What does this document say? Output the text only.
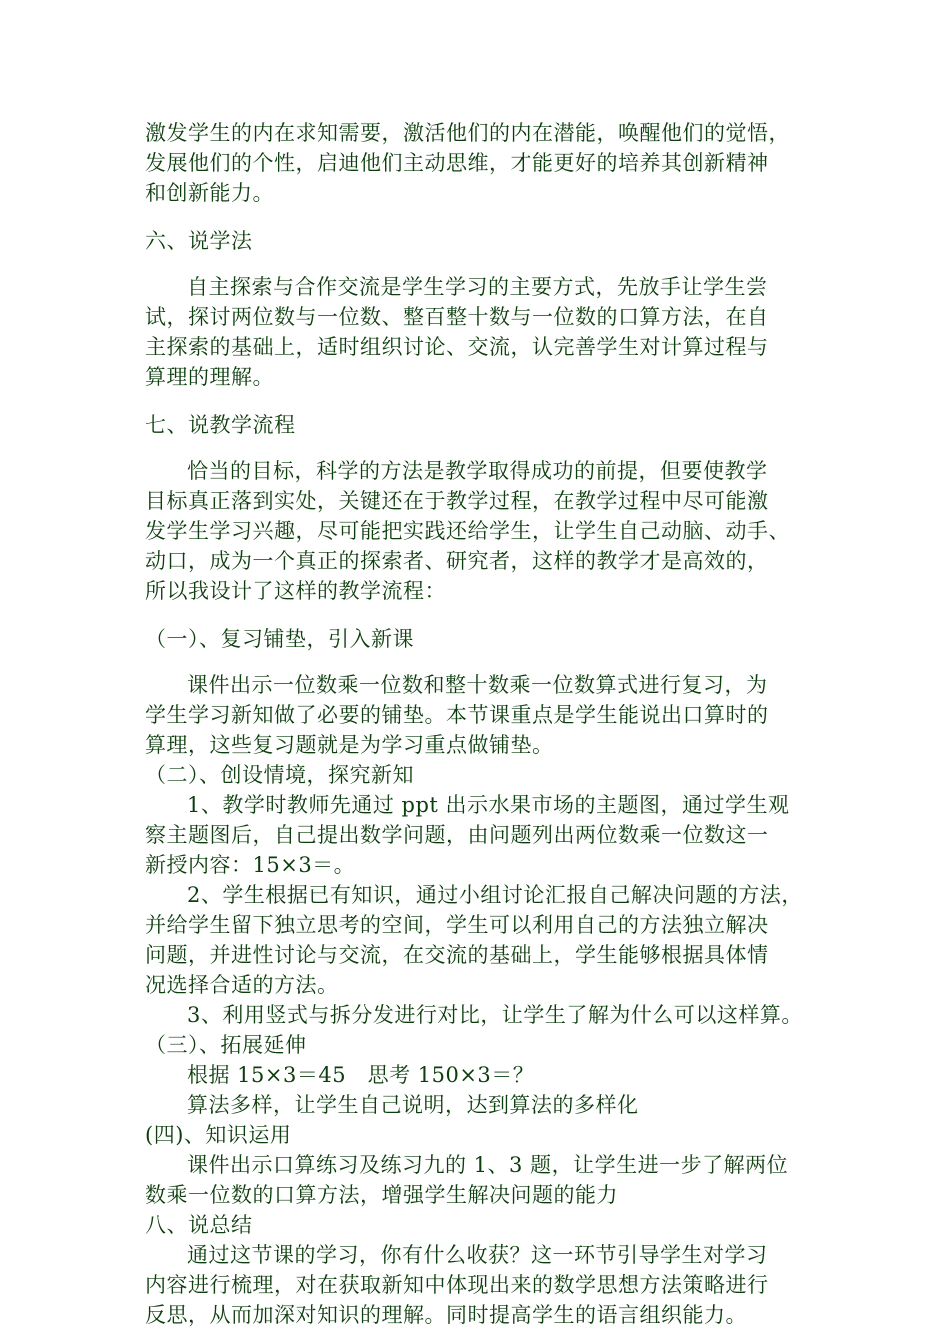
激发学生的内在求知需要，激活他们的内在潜能，唤醒他们的觉悟，
发展他们的个性，启迪他们主动思维，才能更好的培养其创新精神
和创新能力。
六、说学法
自主探索与合作交流是学生学习的主要方式，先放手让学生尝
试，探讨两位数与一位数、整百整十数与一位数的口算方法，在自
主探索的基础上，适时组织讨论、交流，认完善学生对计算过程与
算理的理解。
七、说教学流程
恰当的目标，科学的方法是教学取得成功的前提，但要使教学
目标真正落到实处，关键还在于教学过程，在教学过程中尽可能激
发学生学习兴趣，尽可能把实践还给学生，让学生自己动脑、动手、
动口，成为一个真正的探索者、研究者，这样的教学才是高效的，
所以我设计了这样的教学流程：
（一）、复习铺垫，引入新课
课件出示一位数乘一位数和整十数乘一位数算式进行复习，为
学生学习新知做了必要的铺垫。本节课重点是学生能说出口算时的
算理，这些复习题就是为学习重点做铺垫。
（二）、创设情境，探究新知
1、教学时教师先通过 ppt 出示水果市场的主题图，通过学生观
察主题图后，自己提出数学问题，由问题列出两位数乘一位数这一
新授内容：15×3＝。
2、学生根据已有知识，通过小组讨论汇报自己解决问题的方法，
并给学生留下独立思考的空间，学生可以利用自己的方法独立解决
问题，并进性讨论与交流，在交流的基础上，学生能够根据具体情
况选择合适的方法。
3、利用竖式与拆分发进行对比，让学生了解为什么可以这样算。
（三）、拓展延伸
根据 15×3＝45　思考 150×3＝？
算法多样，让学生自己说明，达到算法的多样化
(四)、知识运用
课件出示口算练习及练习九的 1、3 题，让学生进一步了解两位
数乘一位数的口算方法，增强学生解决问题的能力
八、说总结
通过这节课的学习，你有什么收获？这一环节引导学生对学习
内容进行梳理，对在获取新知中体现出来的数学思想方法策略进行
反思，从而加深对知识的理解。同时提高学生的语言组织能力。
